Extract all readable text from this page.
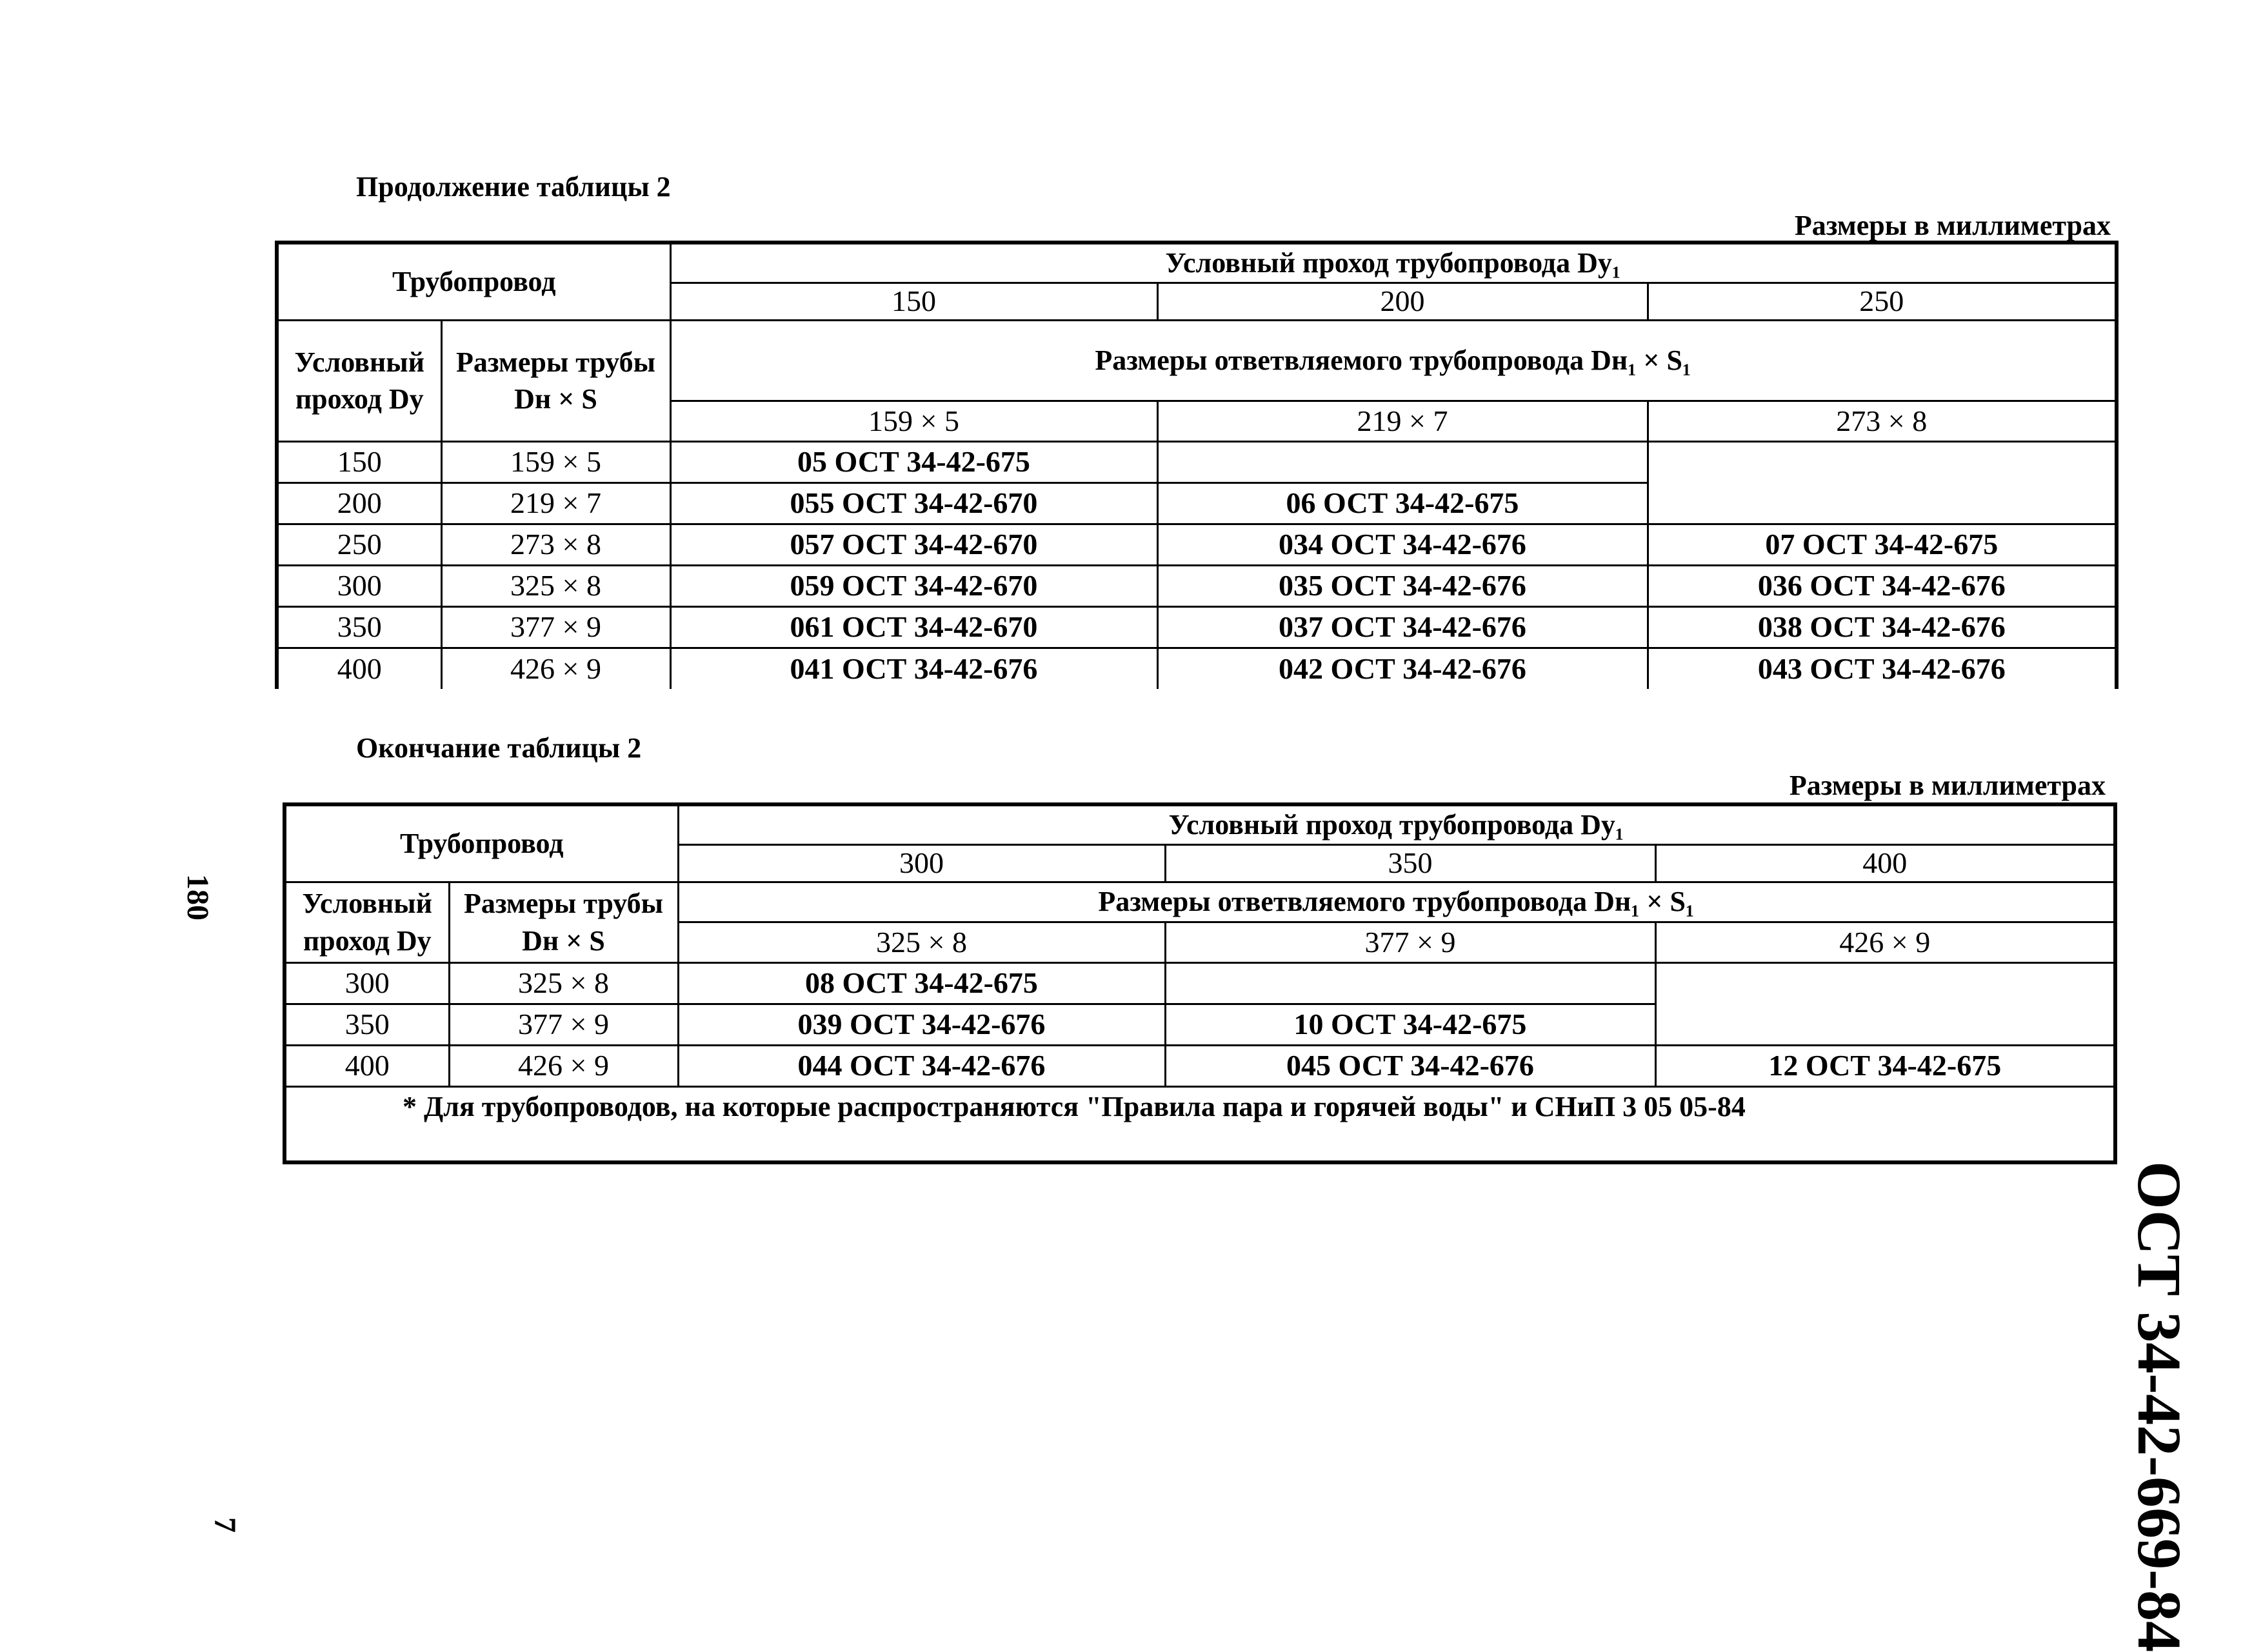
Продолжение таблицы 2
Размеры в миллиметрах
Трубопровод		Условный проход трубопровода Dy₁		
		150	200	250
Условный проход Dy	Размеры трубы Dн × S	Размеры ответвляемого трубопровода Dн₁ × S₁		
		159 × 5	219 × 7	273 × 8
150	159 × 5	05 ОСТ 34-42-675		
200	219 × 7	055 ОСТ 34-42-670	06 ОСТ 34-42-675	
250	273 × 8	057 ОСТ 34-42-670	034 ОСТ 34-42-676	07 ОСТ 34-42-675
300	325 × 8	059 ОСТ 34-42-670	035 ОСТ 34-42-676	036 ОСТ 34-42-676
350	377 × 9	061 ОСТ 34-42-670	037 ОСТ 34-42-676	038 ОСТ 34-42-676
400	426 × 9	041 ОСТ 34-42-676	042 ОСТ 34-42-676	043 ОСТ 34-42-676
Окончание таблицы 2
Размеры в миллиметрах
Трубопровод		Условный проход трубопровода Dy₁		
		300	350	400
Условный проход Dy	Размеры трубы Dн × S	Размеры ответвляемого трубопровода Dн₁ × S₁		
		325 × 8	377 × 9	426 × 9
300	325 × 8	08 ОСТ 34-42-675		
350	377 × 9	039 ОСТ 34-42-676	10 ОСТ 34-42-675	
400	426 × 9	044 ОСТ 34-42-676	045 ОСТ 34-42-676	12 ОСТ 34-42-675
* Для трубопроводов, на которые распространяются "Правила пара и горячей воды" и СНиП 3 05 05-84				
180
ОСТ 34-42-669-84
7
